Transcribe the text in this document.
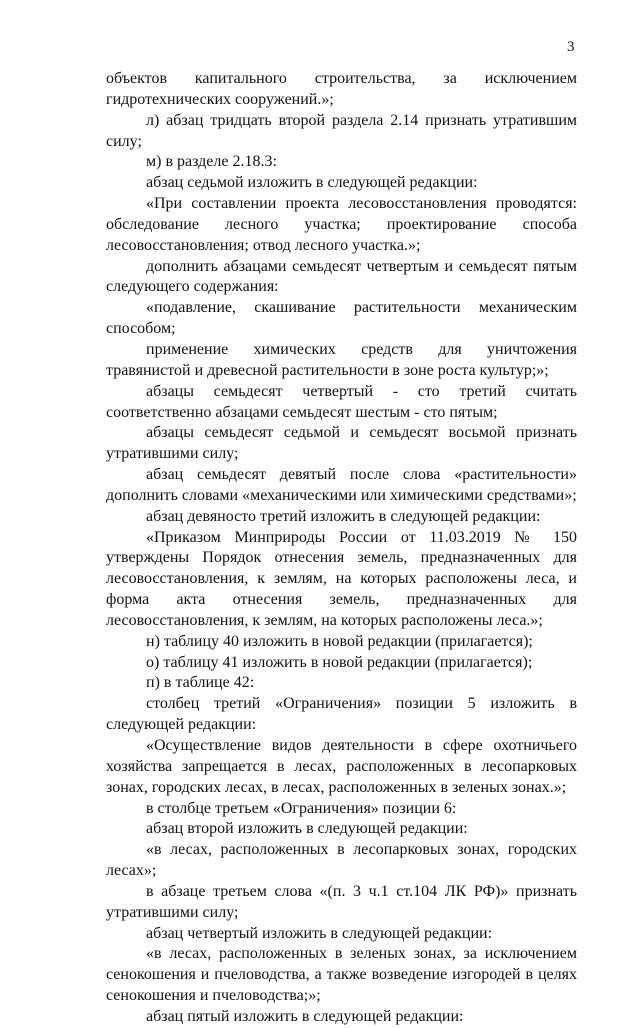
3

объектов капитального строительства, за исключением гидротехнических сооружений.»;

л) абзац тридцать второй раздела 2.14 признать утратившим силу;

м) в разделе 2.18.3:

абзац седьмой изложить в следующей редакции:

«При составлении проекта лесовосстановления проводятся: обследование лесного участка; проектирование способа лесовосстановления; отвод лесного участка.»;

дополнить абзацами семьдесят четвертым и семьдесят пятым следующего содержания:

«подавление, скашивание растительности механическим способом;

применение химических средств для уничтожения травянистой и древесной растительности в зоне роста культур;»;

абзацы семьдесят четвертый - сто третий считать соответственно абзацами семьдесят шестым - сто пятым;

абзацы семьдесят седьмой и семьдесят восьмой признать утратившими силу;

абзац семьдесят девятый после слова «растительности» дополнить словами «механическими или химическими средствами»;

абзац девяносто третий изложить в следующей редакции:

«Приказом Минприроды России от 11.03.2019 № 150 утверждены Порядок отнесения земель, предназначенных для лесовосстановления, к землям, на которых расположены леса, и форма акта отнесения земель, предназначенных для лесовосстановления, к землям, на которых расположены леса.»;

н) таблицу 40 изложить в новой редакции (прилагается);

о) таблицу 41 изложить в новой редакции (прилагается);

п) в таблице 42:

столбец третий «Ограничения» позиции 5 изложить в следующей редакции:

«Осуществление видов деятельности в сфере охотничьего хозяйства запрещается в лесах, расположенных в лесопарковых зонах, городских лесах, в лесах, расположенных в зеленых зонах.»;

в столбце третьем «Ограничения» позиции 6:

абзац второй изложить в следующей редакции:

«в лесах, расположенных в лесопарковых зонах, городских лесах»;

в абзаце третьем слова «(п. 3 ч.1 ст.104 ЛК РФ)» признать утратившими силу;

абзац четвертый изложить в следующей редакции:

«в лесах, расположенных в зеленых зонах, за исключением сенокошения и пчеловодства, а также возведение изгородей в целях сенокошения и пчеловодства;»;

абзац пятый изложить в следующей редакции:
